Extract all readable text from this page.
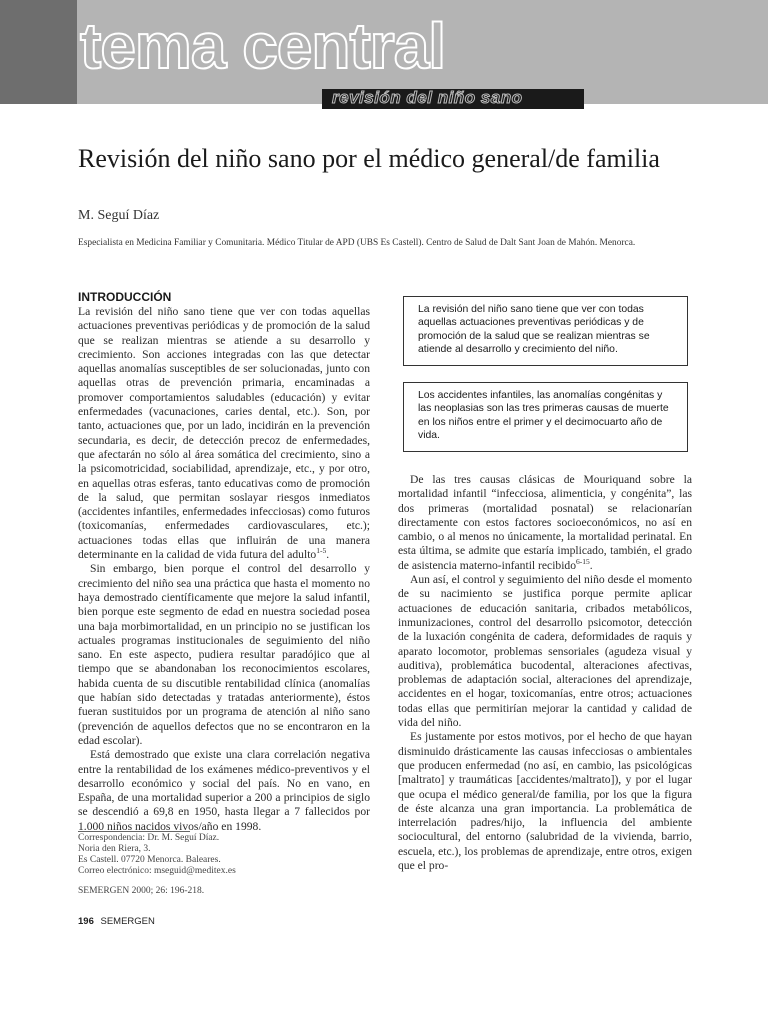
tema central
revisión del niño sano
Revisión del niño sano por el médico general/de familia
M. Seguí Díaz
Especialista en Medicina Familiar y Comunitaria. Médico Titular de APD (UBS Es Castell). Centro de Salud de Dalt Sant Joan de Mahón. Menorca.
INTRODUCCIÓN

La revisión del niño sano tiene que ver con todas aquellas actuaciones preventivas periódicas y de promoción de la salud que se realizan mientras se atiende a su desarrollo y crecimiento. Son acciones integradas con las que detectar aquellas anomalías susceptibles de ser solucionadas, junto con aquellas otras de prevención primaria, encaminadas a promover comportamientos saludables (educación) y evitar enfermedades (vacunaciones, caries dental, etc.). Son, por tanto, actuaciones que, por un lado, incidirán en la prevención secundaria, es decir, de detección precoz de enfermedades, que afectarán no sólo al área somática del crecimiento, sino a la psicomotricidad, sociabilidad, aprendizaje, etc., y por otro, en aquellas otras esferas, tanto educativas como de promoción de la salud, que permitan soslayar riesgos inmediatos (accidentes infantiles, enfermedades infecciosas) como futuros (toxicomanías, enfermedades cardiovasculares, etc.); actuaciones todas ellas que influirán de una manera determinante en la calidad de vida futura del adulto$^{1-5}$.

Sin embargo, bien porque el control del desarrollo y crecimiento del niño sea una práctica que hasta el momento no haya demostrado científicamente que mejore la salud infantil, bien porque este segmento de edad en nuestra sociedad posea una baja morbimortalidad, en un principio no se justifican los actuales programas institucionales de seguimiento del niño sano. En este aspecto, pudiera resultar paradójico que al tiempo que se abandonaban los reconocimientos escolares, habida cuenta de su discutible rentabilidad clínica (anomalías que habían sido detectadas y tratadas anteriormente), éstos fueran sustituidos por un programa de atención al niño sano (prevención de aquellos defectos que no se encontraron en la edad escolar).

Está demostrado que existe una clara correlación negativa entre la rentabilidad de los exámenes médico-preventivos y el desarrollo económico y social del país. No en vano, en España, de una mortalidad superior a 200 a principios de siglo se descendió a 69,8 en 1950, hasta llegar a 7 fallecidos por 1.000 niños nacidos vivos/año en 1998.

La revisión del niño sano tiene que ver con todas aquellas actuaciones preventivas periódicas y de promoción de la salud que se realizan mientras se atiende al desarrollo y crecimiento del niño.
Los accidentes infantiles, las anomalías congénitas y las neoplasias son las tres primeras causas de muerte en los niños entre el primer y el decimocuarto año de vida.

De las tres causas clásicas de Mouriquand sobre la mortalidad infantil “infecciosa, alimenticia, y congénita”, las dos primeras (mortalidad posnatal) se relacionarían directamente con estos factores socioeconómicos, no así en cambio, o al menos no únicamente, la mortalidad perinatal. En esta última, se admite que estaría implicado, también, el grado de asistencia materno-infantil recibido$^{6-15}$.

Aun así, el control y seguimiento del niño desde el momento de su nacimiento se justifica porque permite aplicar actuaciones de educación sanitaria, cribados metabólicos, inmunizaciones, control del desarrollo psicomotor, detección de la luxación congénita de cadera, deformidades de raquis y aparato locomotor, problemas sensoriales (agudeza visual y auditiva), problemática bucodental, alteraciones afectivas, problemas de adaptación social, alteraciones del aprendizaje, accidentes en el hogar, toxicomanías, entre otros; actuaciones todas ellas que permitirían mejorar la cantidad y calidad de vida del niño.

Es justamente por estos motivos, por el hecho de que hayan disminuido drásticamente las causas infecciosas o ambientales que producen enfermedad (no así, en cambio, las psicológicas [maltrato] y traumáticas [accidentes/maltrato]), y por el lugar que ocupa el médico general/de familia, por los que la figura de éste alcanza una gran importancia. La problemática de interrelación padres/hijo, la influencia del ambiente sociocultural, del entorno (salubridad de la vivienda, barrio, escuela, etc.), los problemas de aprendizaje, entre otros, exigen que el pro-

Correspondencia: Dr. M. Seguí Díaz.
Noria den Riera, 3.
Es Castell. 07720 Menorca. Baleares.
Correo electrónico: mseguid@meditex.es
SEMERGEN 2000; 26: 196-218.
196 SEMERGEN
